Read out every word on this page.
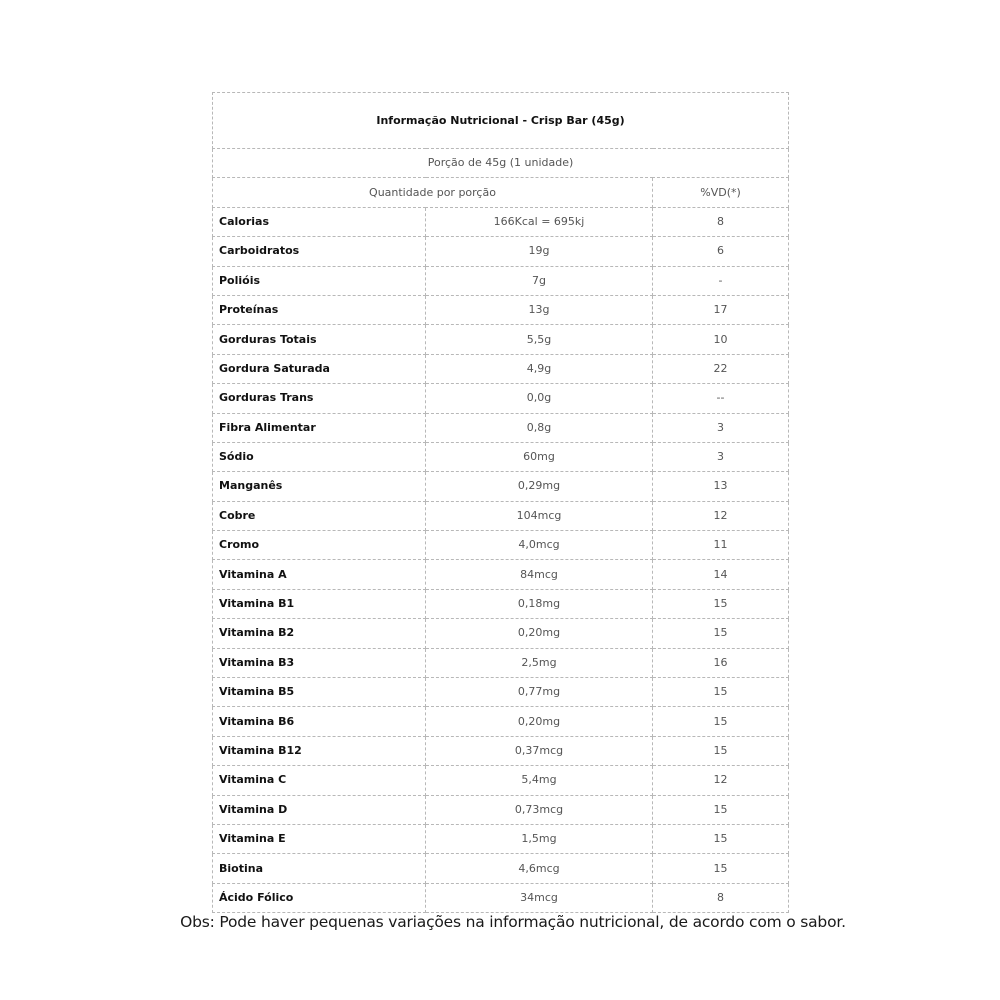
Informação Nutricional - Crisp Bar (45g)		
Porção de 45g (1 unidade)		
Quantidade por porção		%VD(*)
Calorias	166Kcal = 695kj	8
Carboidratos	19g	6
Polióis	7g	-
Proteínas	13g	17
Gorduras Totais	5,5g	10
Gordura Saturada	4,9g	22
Gorduras Trans	0,0g	--
Fibra Alimentar	0,8g	3
Sódio	60mg	3
Manganês	0,29mg	13
Cobre	104mcg	12
Cromo	4,0mcg	11
Vitamina A	84mcg	14
Vitamina B1	0,18mg	15
Vitamina B2	0,20mg	15
Vitamina B3	2,5mg	16
Vitamina B5	0,77mg	15
Vitamina B6	0,20mg	15
Vitamina B12	0,37mcg	15
Vitamina C	5,4mg	12
Vitamina D	0,73mcg	15
Vitamina E	1,5mg	15
Biotina	4,6mcg	15
Ácido Fólico	34mcg	8
Obs: Pode haver pequenas variações na informação nutricional, de acordo com o sabor.
